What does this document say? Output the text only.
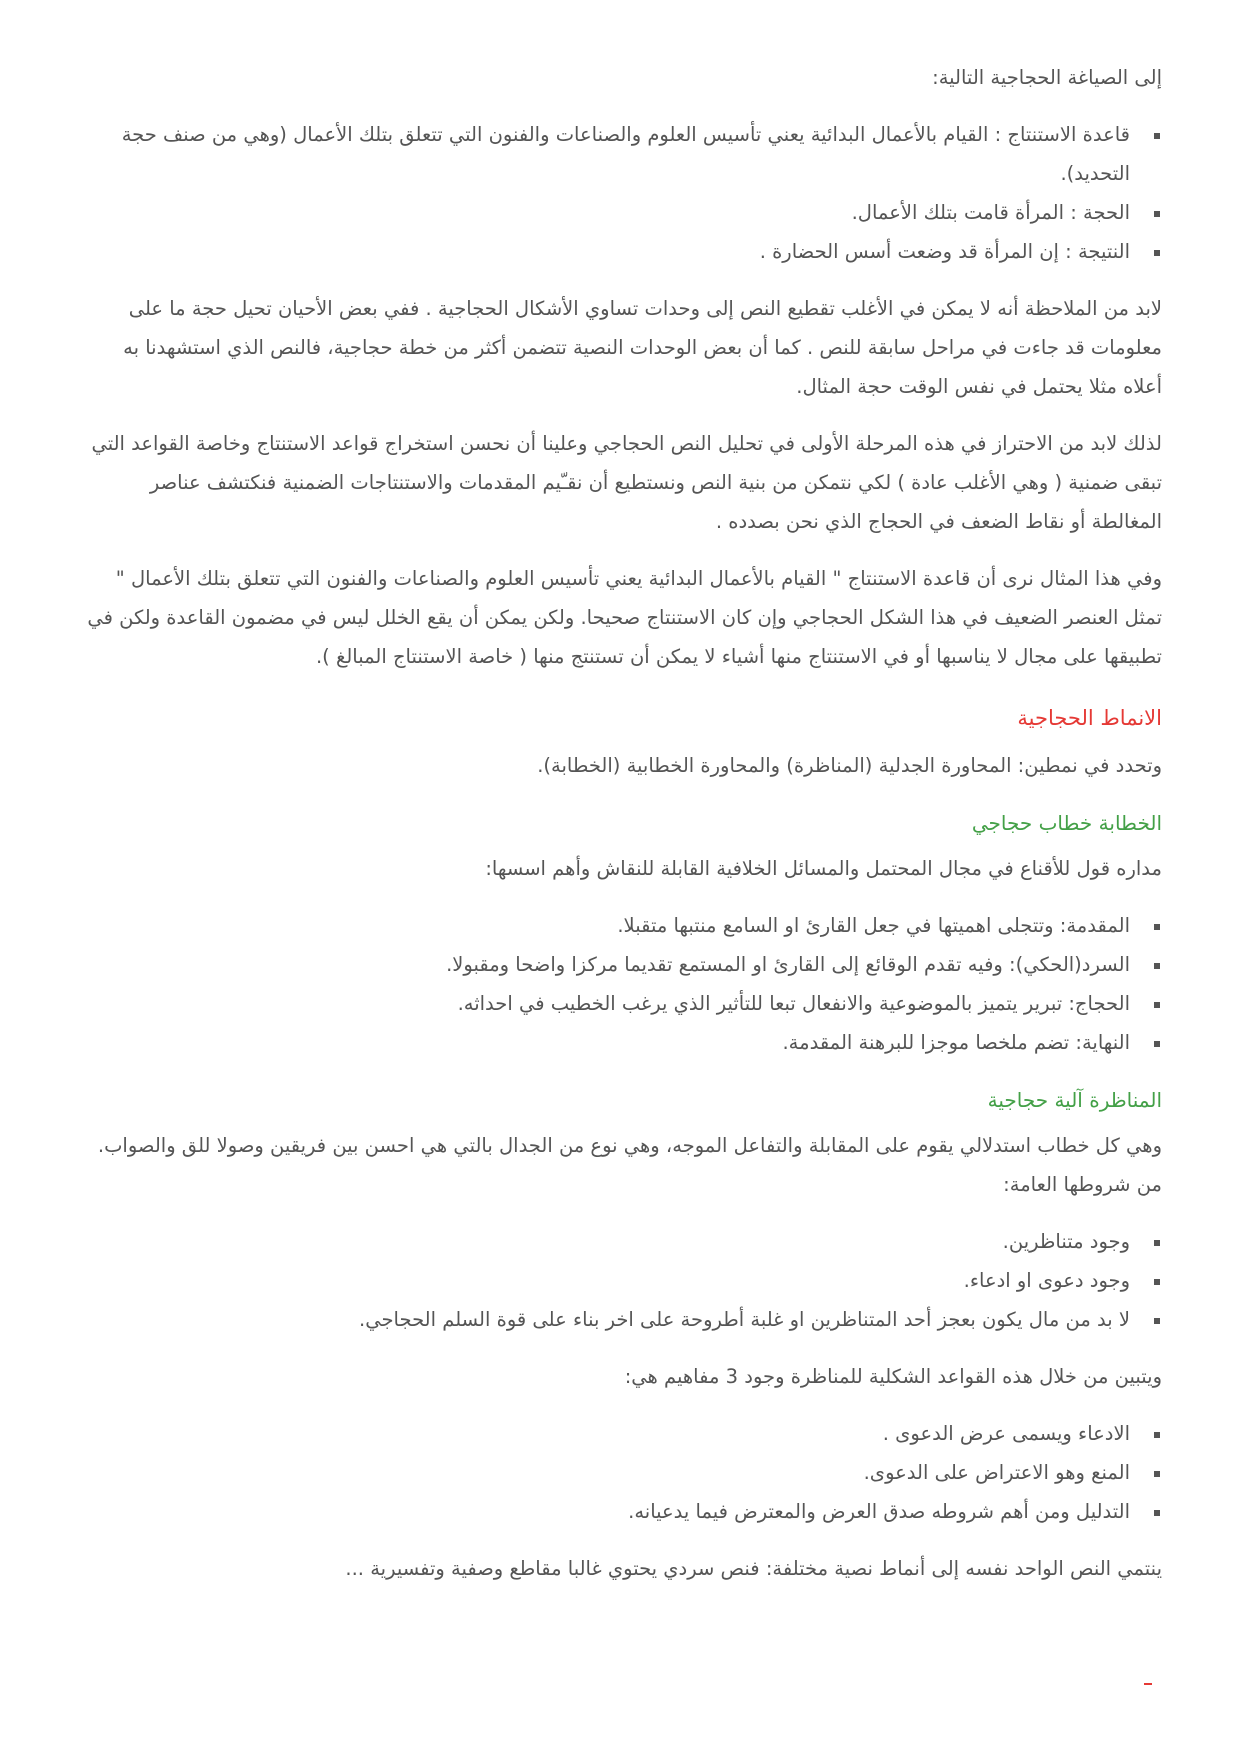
إلى الصياغة الحجاجية التالية:

قاعدة الاستنتاج : القيام بالأعمال البدائية يعني تأسيس العلوم والصناعات والفنون التي تتعلق بتلك الأعمال (وهي من صنف حجة التحديد).
الحجة : المرأة قامت بتلك الأعمال.
النتيجة : إن المرأة قد وضعت أسس الحضارة .

لابد من الملاحظة أنه لا يمكن في الأغلب تقطيع النص إلى وحدات تساوي الأشكال الحجاجية . ففي بعض الأحيان تحيل حجة ما على معلومات قد جاءت في مراحل سابقة للنص . كما أن بعض الوحدات النصية تتضمن أكثر من خطة حجاجية، فالنص الذي استشهدنا به أعلاه مثلا يحتمل في نفس الوقت حجة المثال.

لذلك لابد من الاحتراز في هذه المرحلة الأولى في تحليل النص الحجاجي وعلينا أن نحسن استخراج قواعد الاستنتاج وخاصة القواعد التي تبقى ضمنية ( وهي الأغلب عادة ) لكي نتمكن من بنية النص ونستطيع أن نقـّيم المقدمات والاستنتاجات الضمنية فنكتشف عناصر المغالطة أو نقاط الضعف في الحجاج الذي نحن بصدده .

وفي هذا المثال نرى أن قاعدة الاستنتاج " القيام بالأعمال البدائية يعني تأسيس العلوم والصناعات والفنون التي تتعلق بتلك الأعمال " تمثل العنصر الضعيف في هذا الشكل الحجاجي وإن كان الاستنتاج صحيحا. ولكن يمكن أن يقع الخلل ليس في مضمون القاعدة ولكن في تطبيقها على مجال لا يناسبها أو في الاستنتاج منها أشياء لا يمكن أن تستنتج منها ( خاصة الاستنتاج المبالغ ).

الانماط الحجاجية

وتحدد في نمطين: المحاورة الجدلية (المناظرة) والمحاورة الخطابية (الخطابة).

الخطابة خطاب حجاجي

مداره قول للأقناع في مجال المحتمل والمسائل الخلافية القابلة للنقاش وأهم اسسها:

المقدمة: وتتجلى اهميتها في جعل القارئ او السامع منتبها متقبلا.
السرد(الحكي): وفيه تقدم الوقائع إلى القارئ او المستمع تقديما مركزا واضحا ومقبولا.
الحجاج: تبرير يتميز بالموضوعية والانفعال تبعا للتأثير الذي يرغب الخطيب في احداثه.
النهاية: تضم ملخصا موجزا للبرهنة المقدمة.
المناظرة آلية حجاجية

وهي كل خطاب استدلالي يقوم على المقابلة والتفاعل الموجه، وهي نوع من الجدال بالتي هي احسن بين فريقين وصولا للق والصواب. من شروطها العامة:

وجود متناظرين.
وجود دعوى او ادعاء.
لا بد من مال يكون بعجز أحد المتناظرين او غلبة أطروحة على اخر بناء على قوة السلم الحجاجي.

ويتبين من خلال هذه القواعد الشكلية للمناظرة وجود 3 مفاهيم هي:

الادعاء ويسمى عرض الدعوى .
المنع وهو الاعتراض على الدعوى.
التدليل ومن أهم شروطه صدق العرض والمعترض فيما يدعيانه.

ينتمي النص الواحد نفسه إلى أنماط نصية مختلفة: فنص سردي يحتوي غالبا مقاطع وصفية وتفسيرية ...
